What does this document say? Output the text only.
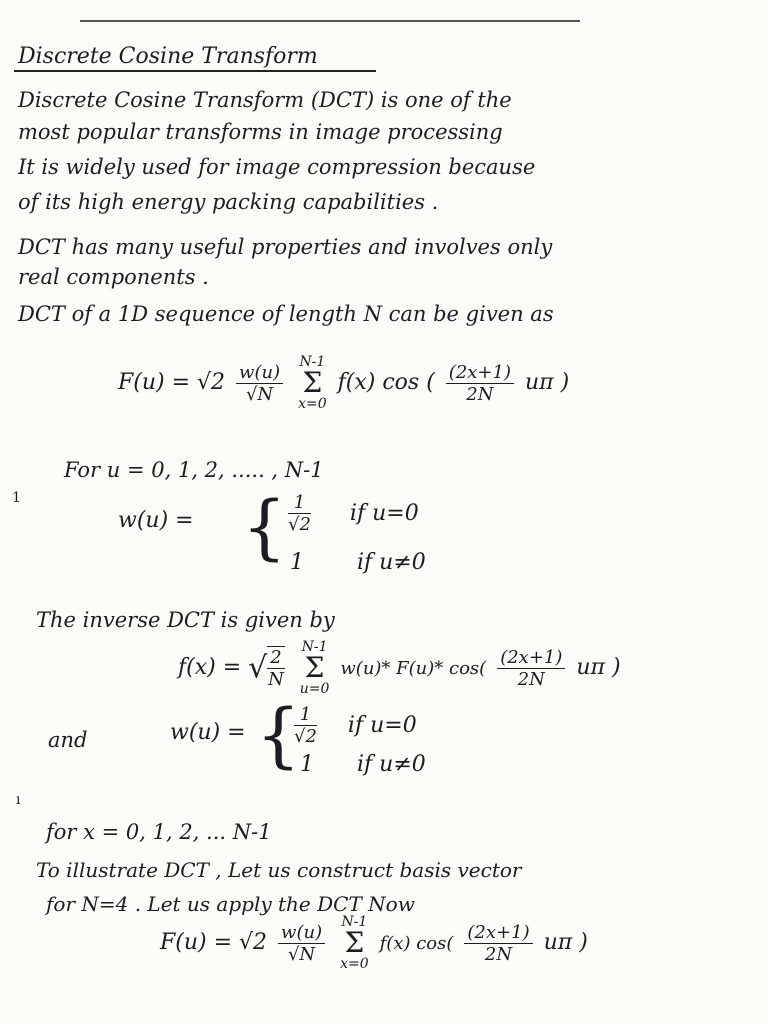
Discrete Cosine Transform
Discrete Cosine Transform (DCT) is one of the
most popular transforms in image processing
It is widely used for image compression because
of its high energy packing capabilities .
DCT has many useful properties and involves only
real components .
DCT of a 1D sequence of length N can be given as
$F(u) = √2 \frac{w(u)}{√N}$
N-1
Σ
x=0
f(x) cos ( $\frac{(2x+1)}{2N}$ uπ )
For u = 0, 1, 2, ..... , N-1
1
w(u) = { $\frac{1}{√2}$ if u=0
1 if u≠0
The inverse DCT is given by
f(x) = √ $\frac{2}{N}$
N-1
Σ
u=0
w(u)* F(u)* $\cos( \frac{(2x+1)}{2N}$ uπ )
and	w(u) = {
$\frac{1}{√2}$ if u=0
1 if u≠0
ı
for x = 0, 1, 2, ... N-1
To illustrate DCT , Let us construct basis vector
for N=4 . Let us apply the DCT Now
$F(u) = √2 \frac{w(u)}{√N}$
N-1
Σ
x=0
f(x) $\cos( \frac{(2x+1)}{2N}$ uπ )
